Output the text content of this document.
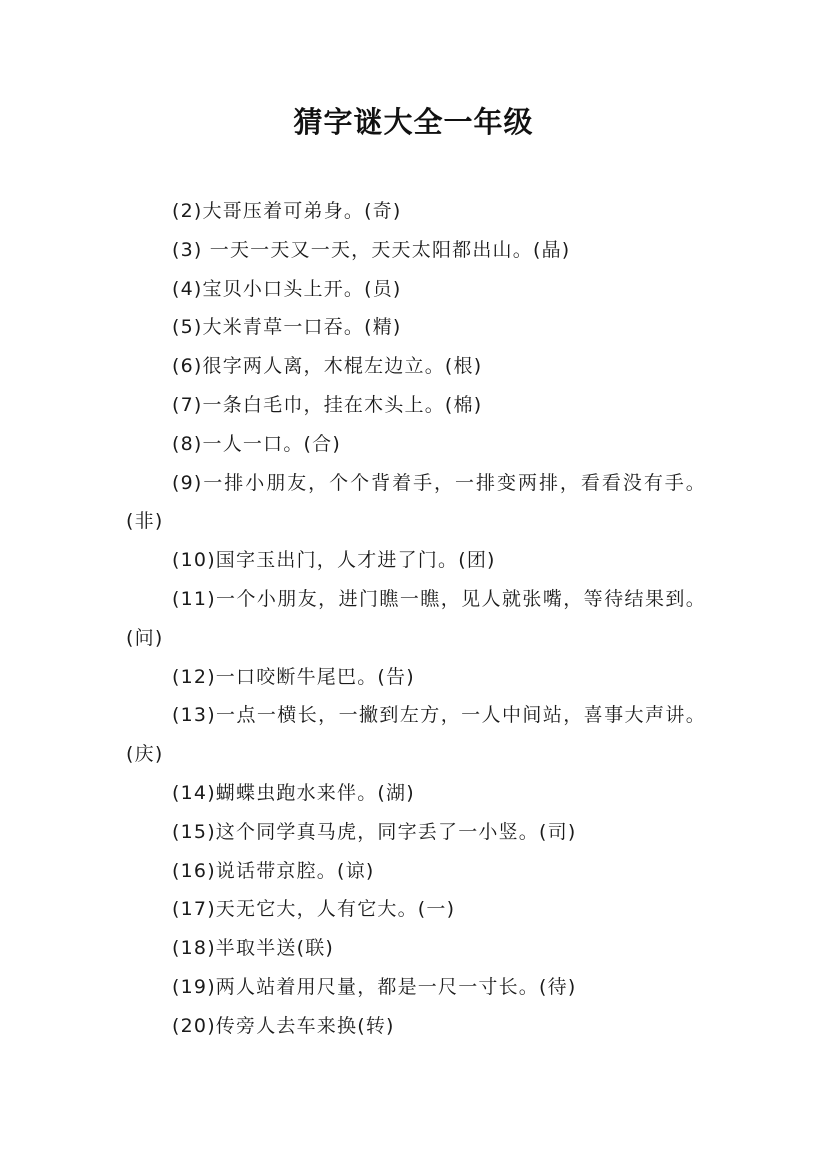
猜字谜大全一年级

(2)大哥压着可弟身。(奇)

(3) 一天一天又一天，天天太阳都出山。(晶)

(4)宝贝小口头上开。(员)

(5)大米青草一口吞。(精)

(6)很字两人离，木棍左边立。(根)

(7)一条白毛巾，挂在木头上。(棉)

(8)一人一口。(合)

(9)一排小朋友，个个背着手，一排变两排，看看没有手。(非)

(10)国字玉出门，人才进了门。(团)

(11)一个小朋友，进门瞧一瞧，见人就张嘴，等待结果到。(问)

(12)一口咬断牛尾巴。(告)

(13)一点一横长，一撇到左方，一人中间站，喜事大声讲。(庆)

(14)蝴蝶虫跑水来伴。(湖)

(15)这个同学真马虎，同字丢了一小竖。(司)

(16)说话带京腔。(谅)

(17)天无它大，人有它大。(一)

(18)半取半送(联)

(19)两人站着用尺量，都是一尺一寸长。(待)

(20)传旁人去车来换(转)
